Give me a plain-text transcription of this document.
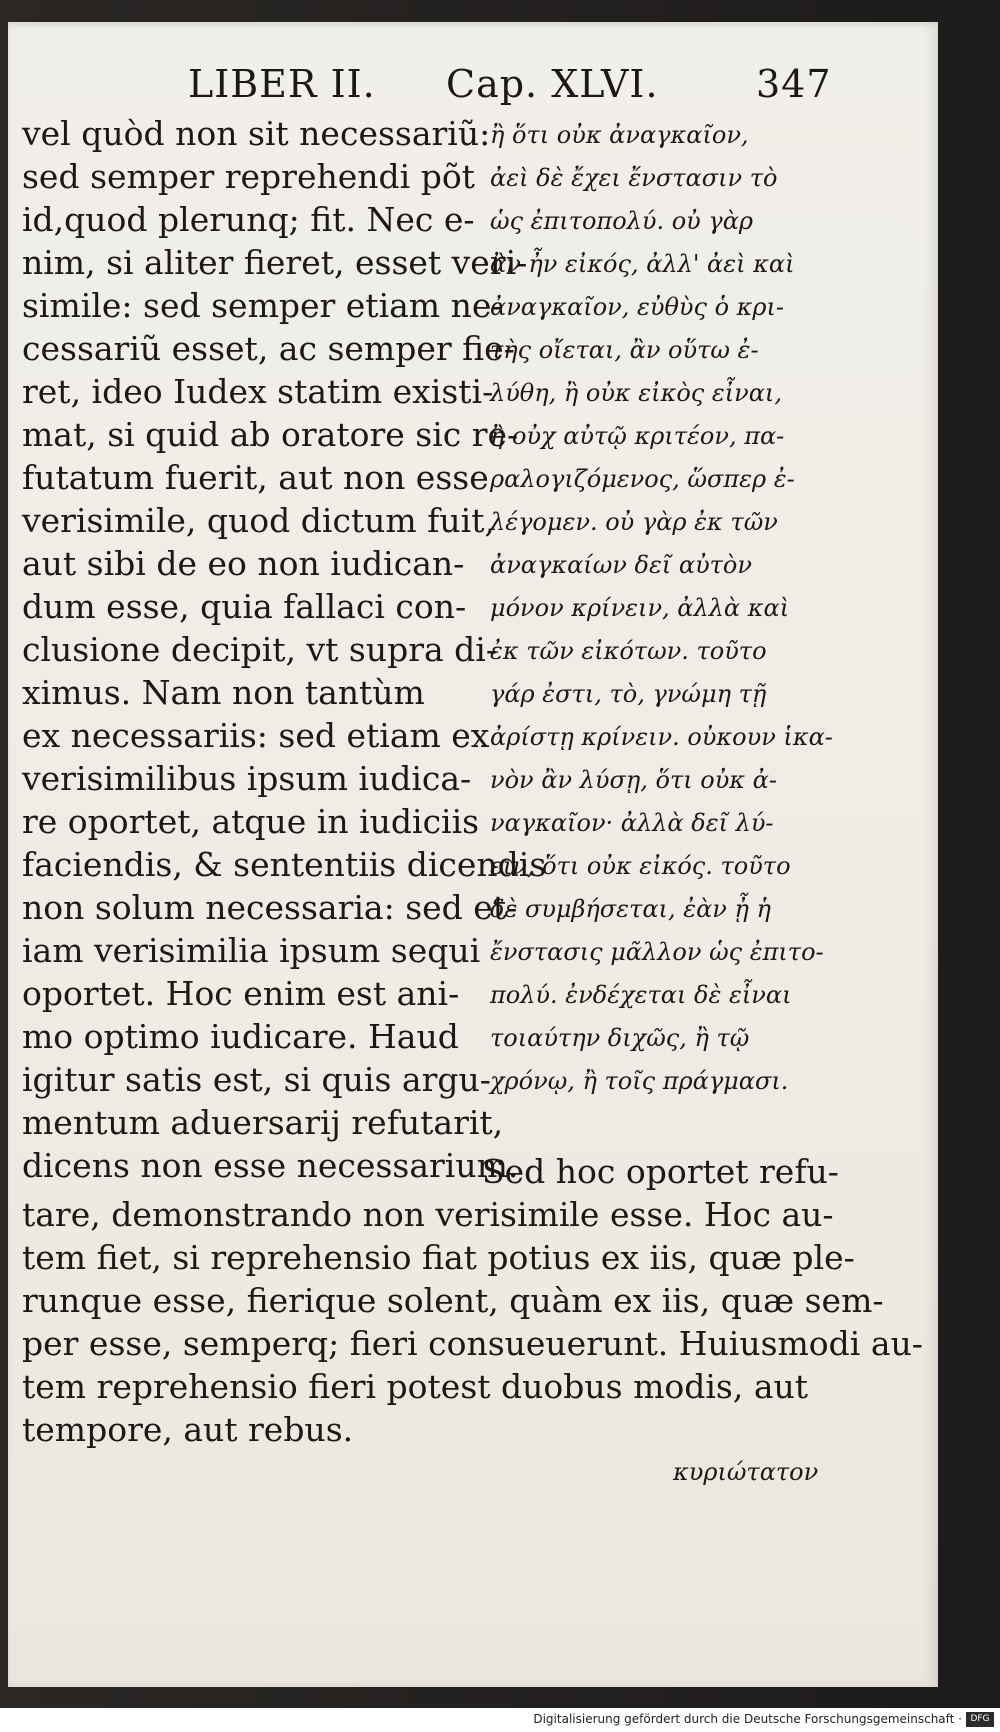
LIBER II. Cap. XLVI.	347
vel quòd non sit necessariũ:
sed semper reprehendi põt
id,quod plerunq; fit. Nec e-
nim, si aliter fieret, esset veri-
simile: sed semper etiam ne-
cessariũ esset, ac semper fie-
ret, ideo Iudex statim existi-
mat, si quid ab oratore sic re-
futatum fuerit, aut non esse
verisimile, quod dictum fuit,
aut sibi de eo non iudican-
dum esse, quia fallaci con-
clusione decipit, vt supra di-
ximus. Nam non tantùm
ex necessariis: sed etiam ex
verisimilibus ipsum iudica-
re oportet, atque in iudiciis
faciendis, & sententiis dicendis
non solum necessaria: sed et-
iam verisimilia ipsum sequi
oportet. Hoc enim est ani-
mo optimo iudicare. Haud
igitur satis est, si quis argu-
mentum aduersarij refutarit,
dicens non esse necessarium.
ἢ ὅτι οὐκ ἀναγκαῖον,
ἀεὶ δὲ ἔχει ἔνστασιν τὸ
ὡς ἐπιτοπολύ. οὐ γὰρ
ἂν ἦν εἰκός, ἀλλ' ἀεὶ καὶ
ἀναγκαῖον, εὐθὺς ὁ κρι-
τὴς οἴεται, ἂν οὕτω ἐ-
λύθη, ἢ οὐκ εἰκὸς εἶναι,
ἢ οὐχ αὐτῷ κριτέον, πα-
ραλογιζόμενος, ὥσπερ ἐ-
λέγομεν. οὐ γὰρ ἐκ τῶν
ἀναγκαίων δεῖ αὐτὸν
μόνον κρίνειν, ἀλλὰ καὶ
ἐκ τῶν εἰκότων. τοῦτο
γάρ ἐστι, τὸ, γνώμη τῇ
ἀρίστῃ κρίνειν. οὐκουν ἱκα-
νὸν ἂν λύσῃ, ὅτι οὐκ ἀ-
ναγκαῖον· ἀλλὰ δεῖ λύ-
ειν, ὅτι οὐκ εἰκός. τοῦτο
δὲ συμβήσεται, ἐὰν ᾖ ἡ
ἔνστασις μᾶλλον ὡς ἐπιτο-
πολύ. ἐνδέχεται δὲ εἶναι
τοιαύτην διχῶς, ἢ τῷ
χρόνῳ, ἢ τοῖς πράγμασι.
Sed hoc oportet refu-
tare, demonstrando non verisimile esse. Hoc au-
tem fiet, si reprehensio fiat potius ex iis, quæ ple-
runque esse, fierique solent, quàm ex iis, quæ sem-
per esse, semperq; fieri consueuerunt. Huiusmodi au-
tem reprehensio fieri potest duobus modis, aut
tempore, aut rebus.
κυριώτατον
Digitalisierung gefördert durch die Deutsche Forschungsgemeinschaft · DFG
